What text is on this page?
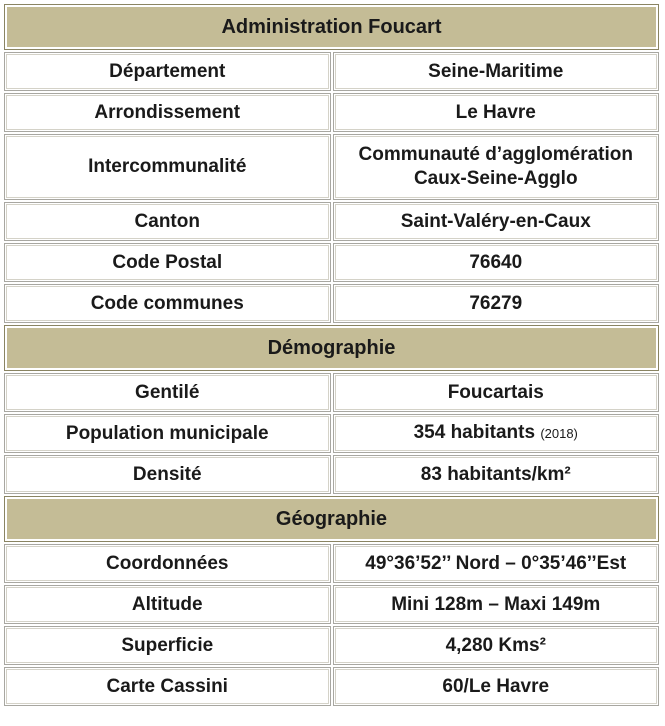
Administration Foucart	
Département	Seine-Maritime
Arrondissement	Le Havre
Intercommunalité	Communauté d’agglomération
Caux-Seine-Agglo

Canton	Saint-Valéry-en-Caux
Code Postal	76640
Code communes	76279
Démographie	
Gentilé	Foucartais
Population municipale	354 habitants (2018)
Densité	83 habitants/km²
Géographie	
Coordonnées	49°36’52’’ Nord – 0°35’46’’Est
Altitude	Mini 128m – Maxi 149m
Superficie	4,280 Kms²
Carte Cassini	60/Le Havre
